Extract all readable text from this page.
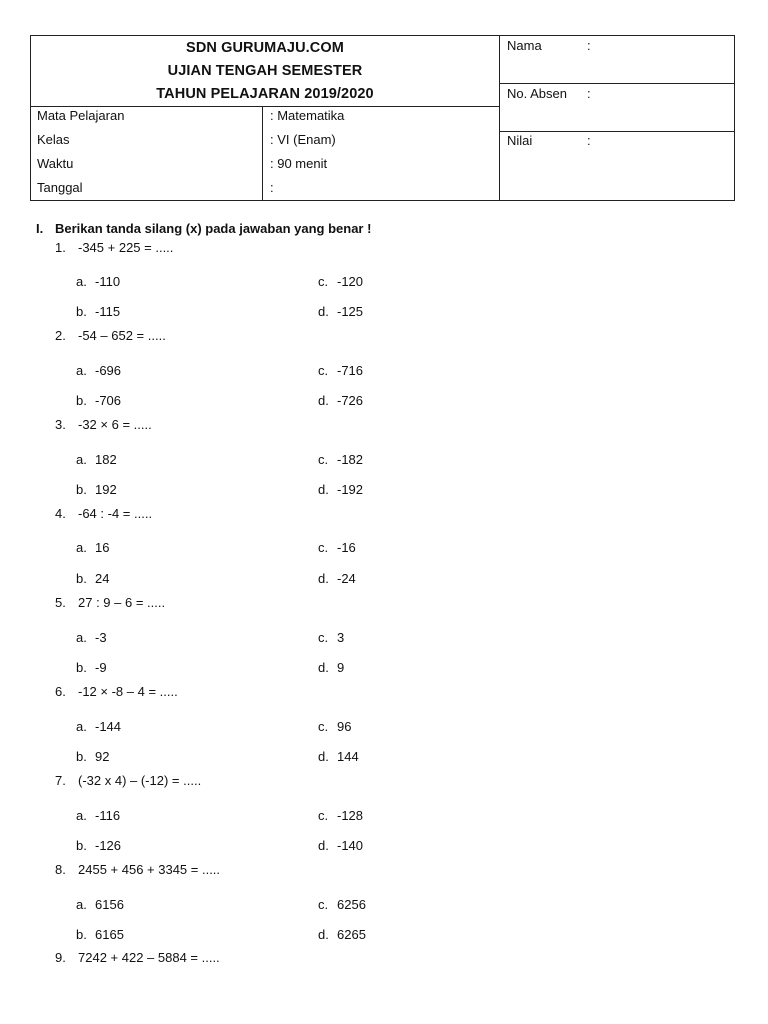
SDN GURUMAJU.COM
UJIAN TENGAH SEMESTER
TAHUN PELAJARAN 2019/2020
Mata Pelajaran	: Matematika
Kelas	: VI (Enam)
Waktu	: 90 menit
Tanggal	:
Nama	:
No. Absen :
Nilai	:
I. Berikan tanda silang (x) pada jawaban yang benar !
1. -345 + 225 = .....
a. -110	c. -120
b. -115	d. -125
2. -54 – 652 = .....
a. -696	c. -716
b. -706	d. -726
3. -32 × 6 = .....
a. 182	c. -182
b. 192	d. -192
4. -64 : -4 = .....
a. 16	c. -16
b. 24	d. -24
5. 27 : 9 – 6 = .....
a. -3	c. 3
b. -9	d. 9
6. -12 × -8 – 4 = .....
a. -144	c. 96
b. 92	d. 144
7. (-32 x 4) – (-12) = .....
a. -116	c. -128
b. -126	d. -140
8. 2455 + 456 + 3345 = .....
a. 6156	c. 6256
b. 6165	d. 6265
9. 7242 + 422 – 5884 = .....
